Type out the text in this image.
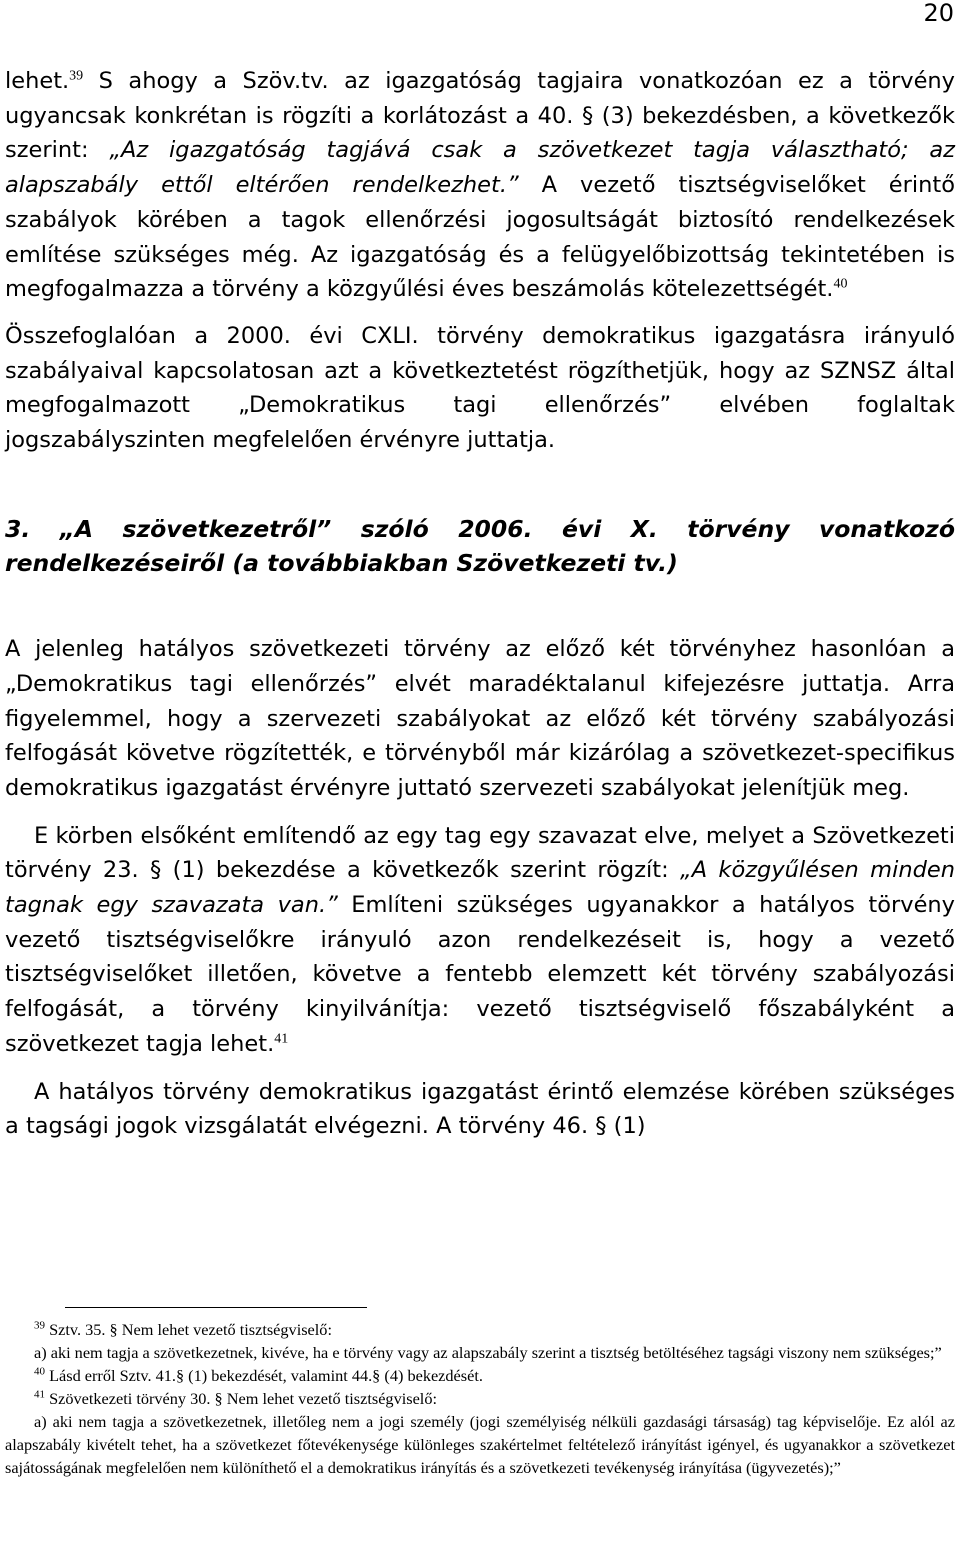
20

lehet.$^{39}$ S ahogy a Szöv.tv. az igazgatóság tagjaira vonatkozóan ez a törvény ugyancsak konkrétan is rögzíti a korlátozást a 40. § (3) bekezdésben, a következők szerint: „Az igazgatóság tagjává csak a szövetkezet tagja választható; az alapszabály ettől eltérően rendelkezhet.” A vezető tisztségviselőket érintő szabályok körében a tagok ellenőrzési jogosultságát biztosító rendelkezések említése szükséges még. Az igazgatóság és a felügyelőbizottság tekintetében is megfogalmazza a törvény a közgyűlési éves beszámolás kötelezettségét.$^{40}$

Összefoglalóan a 2000. évi CXLI. törvény demokratikus igazgatásra irányuló szabályaival kapcsolatosan azt a következtetést rögzíthetjük, hogy az SZNSZ által megfogalmazott „Demokratikus tagi ellenőrzés” elvében foglaltak jogszabályszinten megfelelően érvényre juttatja.

3. „A szövetkezetről” szóló 2006. évi X. törvény vonatkozó rendelkezéseiről (a továbbiakban Szövetkezeti tv.)

A jelenleg hatályos szövetkezeti törvény az előző két törvényhez hasonlóan a „Demokratikus tagi ellenőrzés” elvét maradéktalanul kifejezésre juttatja. Arra figyelemmel, hogy a szervezeti szabályokat az előző két törvény szabályozási felfogását követve rögzítették, e törvényből már kizárólag a szövetkezet-specifikus demokratikus igazgatást érvényre juttató szervezeti szabályokat jelenítjük meg.

E körben elsőként említendő az egy tag egy szavazat elve, melyet a Szövetkezeti törvény 23. § (1) bekezdése a következők szerint rögzít: „A közgyűlésen minden tagnak egy szavazata van.” Említeni szükséges ugyanakkor a hatályos törvény vezető tisztségviselőkre irányuló azon rendelkezéseit is, hogy a vezető tisztségviselőket illetően, követve a fentebb elemzett két törvény szabályozási felfogását, a törvény kinyilvánítja: vezető tisztségviselő főszabályként a szövetkezet tagja lehet.$^{41}$

A hatályos törvény demokratikus igazgatást érintő elemzése körében szükséges a tagsági jogok vizsgálatát elvégezni. A törvény 46. § (1)

$^{39}$ Sztv. 35. § Nem lehet vezető tisztségviselő:

a) aki nem tagja a szövetkezetnek, kivéve, ha e törvény vagy az alapszabály szerint a tisztség betöltéséhez tagsági viszony nem szükséges;”

$^{40}$ Lásd erről Sztv. 41.§ (1) bekezdését, valamint 44.§ (4) bekezdését.

$^{41}$ Szövetkezeti törvény 30. § Nem lehet vezető tisztségviselő:

a) aki nem tagja a szövetkezetnek, illetőleg nem a jogi személy (jogi személyiség nélküli gazdasági társaság) tag képviselője. Ez alól az alapszabály kivételt tehet, ha a szövetkezet főtevékenysége különleges szakértelmet feltételező irányítást igényel, és ugyanakkor a szövetkezet sajátosságának megfelelően nem különíthető el a demokratikus irányítás és a szövetkezeti tevékenység irányítása (ügyvezetés);”
